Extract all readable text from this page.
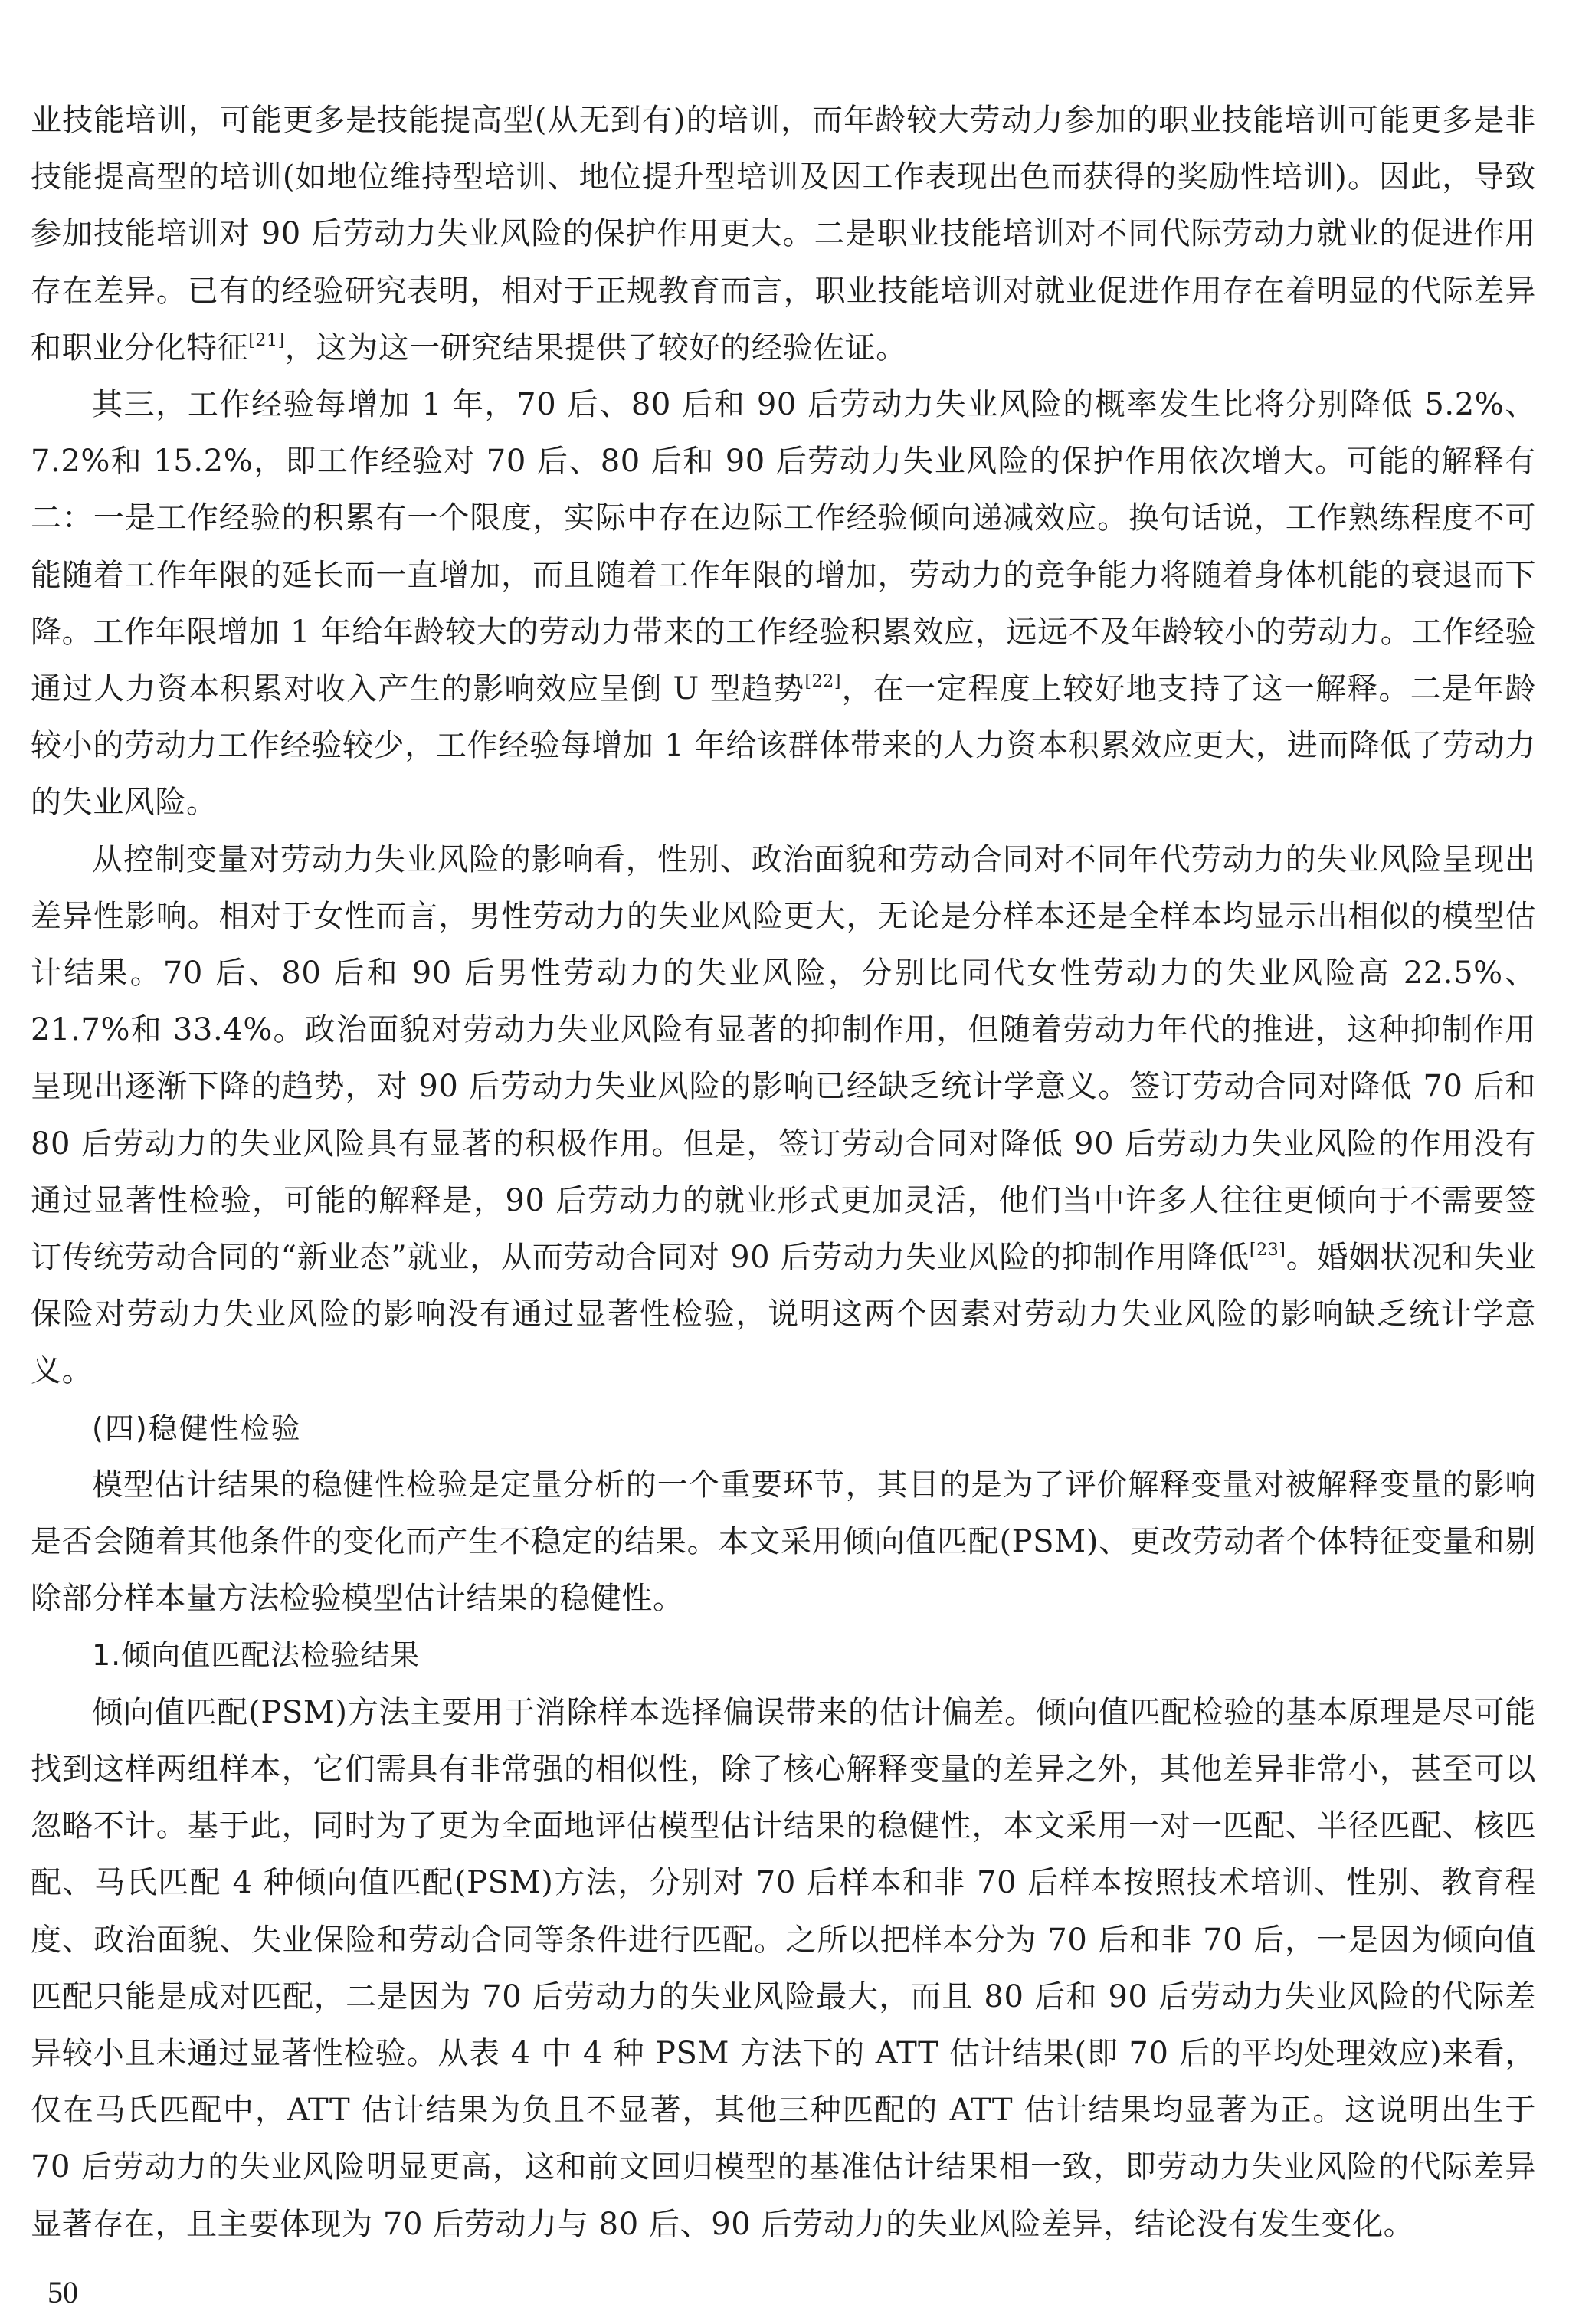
业技能培训，可能更多是技能提高型(从无到有)的培训，而年龄较大劳动力参加的职业技能培训可能更多是非技能提高型的培训(如地位维持型培训、地位提升型培训及因工作表现出色而获得的奖励性培训)。因此，导致参加技能培训对 90 后劳动力失业风险的保护作用更大。二是职业技能培训对不同代际劳动力就业的促进作用存在差异。已有的经验研究表明，相对于正规教育而言，职业技能培训对就业促进作用存在着明显的代际差异和职业分化特征[21]，这为这一研究结果提供了较好的经验佐证。

其三，工作经验每增加 1 年，70 后、80 后和 90 后劳动力失业风险的概率发生比将分别降低 5.2%、7.2%和 15.2%，即工作经验对 70 后、80 后和 90 后劳动力失业风险的保护作用依次增大。可能的解释有二：一是工作经验的积累有一个限度，实际中存在边际工作经验倾向递减效应。换句话说，工作熟练程度不可能随着工作年限的延长而一直增加，而且随着工作年限的增加，劳动力的竞争能力将随着身体机能的衰退而下降。工作年限增加 1 年给年龄较大的劳动力带来的工作经验积累效应，远远不及年龄较小的劳动力。工作经验通过人力资本积累对收入产生的影响效应呈倒 U 型趋势[22]，在一定程度上较好地支持了这一解释。二是年龄较小的劳动力工作经验较少，工作经验每增加 1 年给该群体带来的人力资本积累效应更大，进而降低了劳动力的失业风险。

从控制变量对劳动力失业风险的影响看，性别、政治面貌和劳动合同对不同年代劳动力的失业风险呈现出差异性影响。相对于女性而言，男性劳动力的失业风险更大，无论是分样本还是全样本均显示出相似的模型估计结果。70 后、80 后和 90 后男性劳动力的失业风险，分别比同代女性劳动力的失业风险高 22.5%、21.7%和 33.4%。政治面貌对劳动力失业风险有显著的抑制作用，但随着劳动力年代的推进，这种抑制作用呈现出逐渐下降的趋势，对 90 后劳动力失业风险的影响已经缺乏统计学意义。签订劳动合同对降低 70 后和 80 后劳动力的失业风险具有显著的积极作用。但是，签订劳动合同对降低 90 后劳动力失业风险的作用没有通过显著性检验，可能的解释是，90 后劳动力的就业形式更加灵活，他们当中许多人往往更倾向于不需要签订传统劳动合同的“新业态”就业，从而劳动合同对 90 后劳动力失业风险的抑制作用降低[23]。婚姻状况和失业保险对劳动力失业风险的影响没有通过显著性检验，说明这两个因素对劳动力失业风险的影响缺乏统计学意义。

(四)稳健性检验

模型估计结果的稳健性检验是定量分析的一个重要环节，其目的是为了评价解释变量对被解释变量的影响是否会随着其他条件的变化而产生不稳定的结果。本文采用倾向值匹配(PSM)、更改劳动者个体特征变量和剔除部分样本量方法检验模型估计结果的稳健性。

1.倾向值匹配法检验结果

倾向值匹配(PSM)方法主要用于消除样本选择偏误带来的估计偏差。倾向值匹配检验的基本原理是尽可能找到这样两组样本，它们需具有非常强的相似性，除了核心解释变量的差异之外，其他差异非常小，甚至可以忽略不计。基于此，同时为了更为全面地评估模型估计结果的稳健性，本文采用一对一匹配、半径匹配、核匹配、马氏匹配 4 种倾向值匹配(PSM)方法，分别对 70 后样本和非 70 后样本按照技术培训、性别、教育程度、政治面貌、失业保险和劳动合同等条件进行匹配。之所以把样本分为 70 后和非 70 后，一是因为倾向值匹配只能是成对匹配，二是因为 70 后劳动力的失业风险最大，而且 80 后和 90 后劳动力失业风险的代际差异较小且未通过显著性检验。从表 4 中 4 种 PSM 方法下的 ATT 估计结果(即 70 后的平均处理效应)来看，仅在马氏匹配中，ATT 估计结果为负且不显著，其他三种匹配的 ATT 估计结果均显著为正。这说明出生于 70 后劳动力的失业风险明显更高，这和前文回归模型的基准估计结果相一致，即劳动力失业风险的代际差异显著存在，且主要体现为 70 后劳动力与 80 后、90 后劳动力的失业风险差异，结论没有发生变化。

50
